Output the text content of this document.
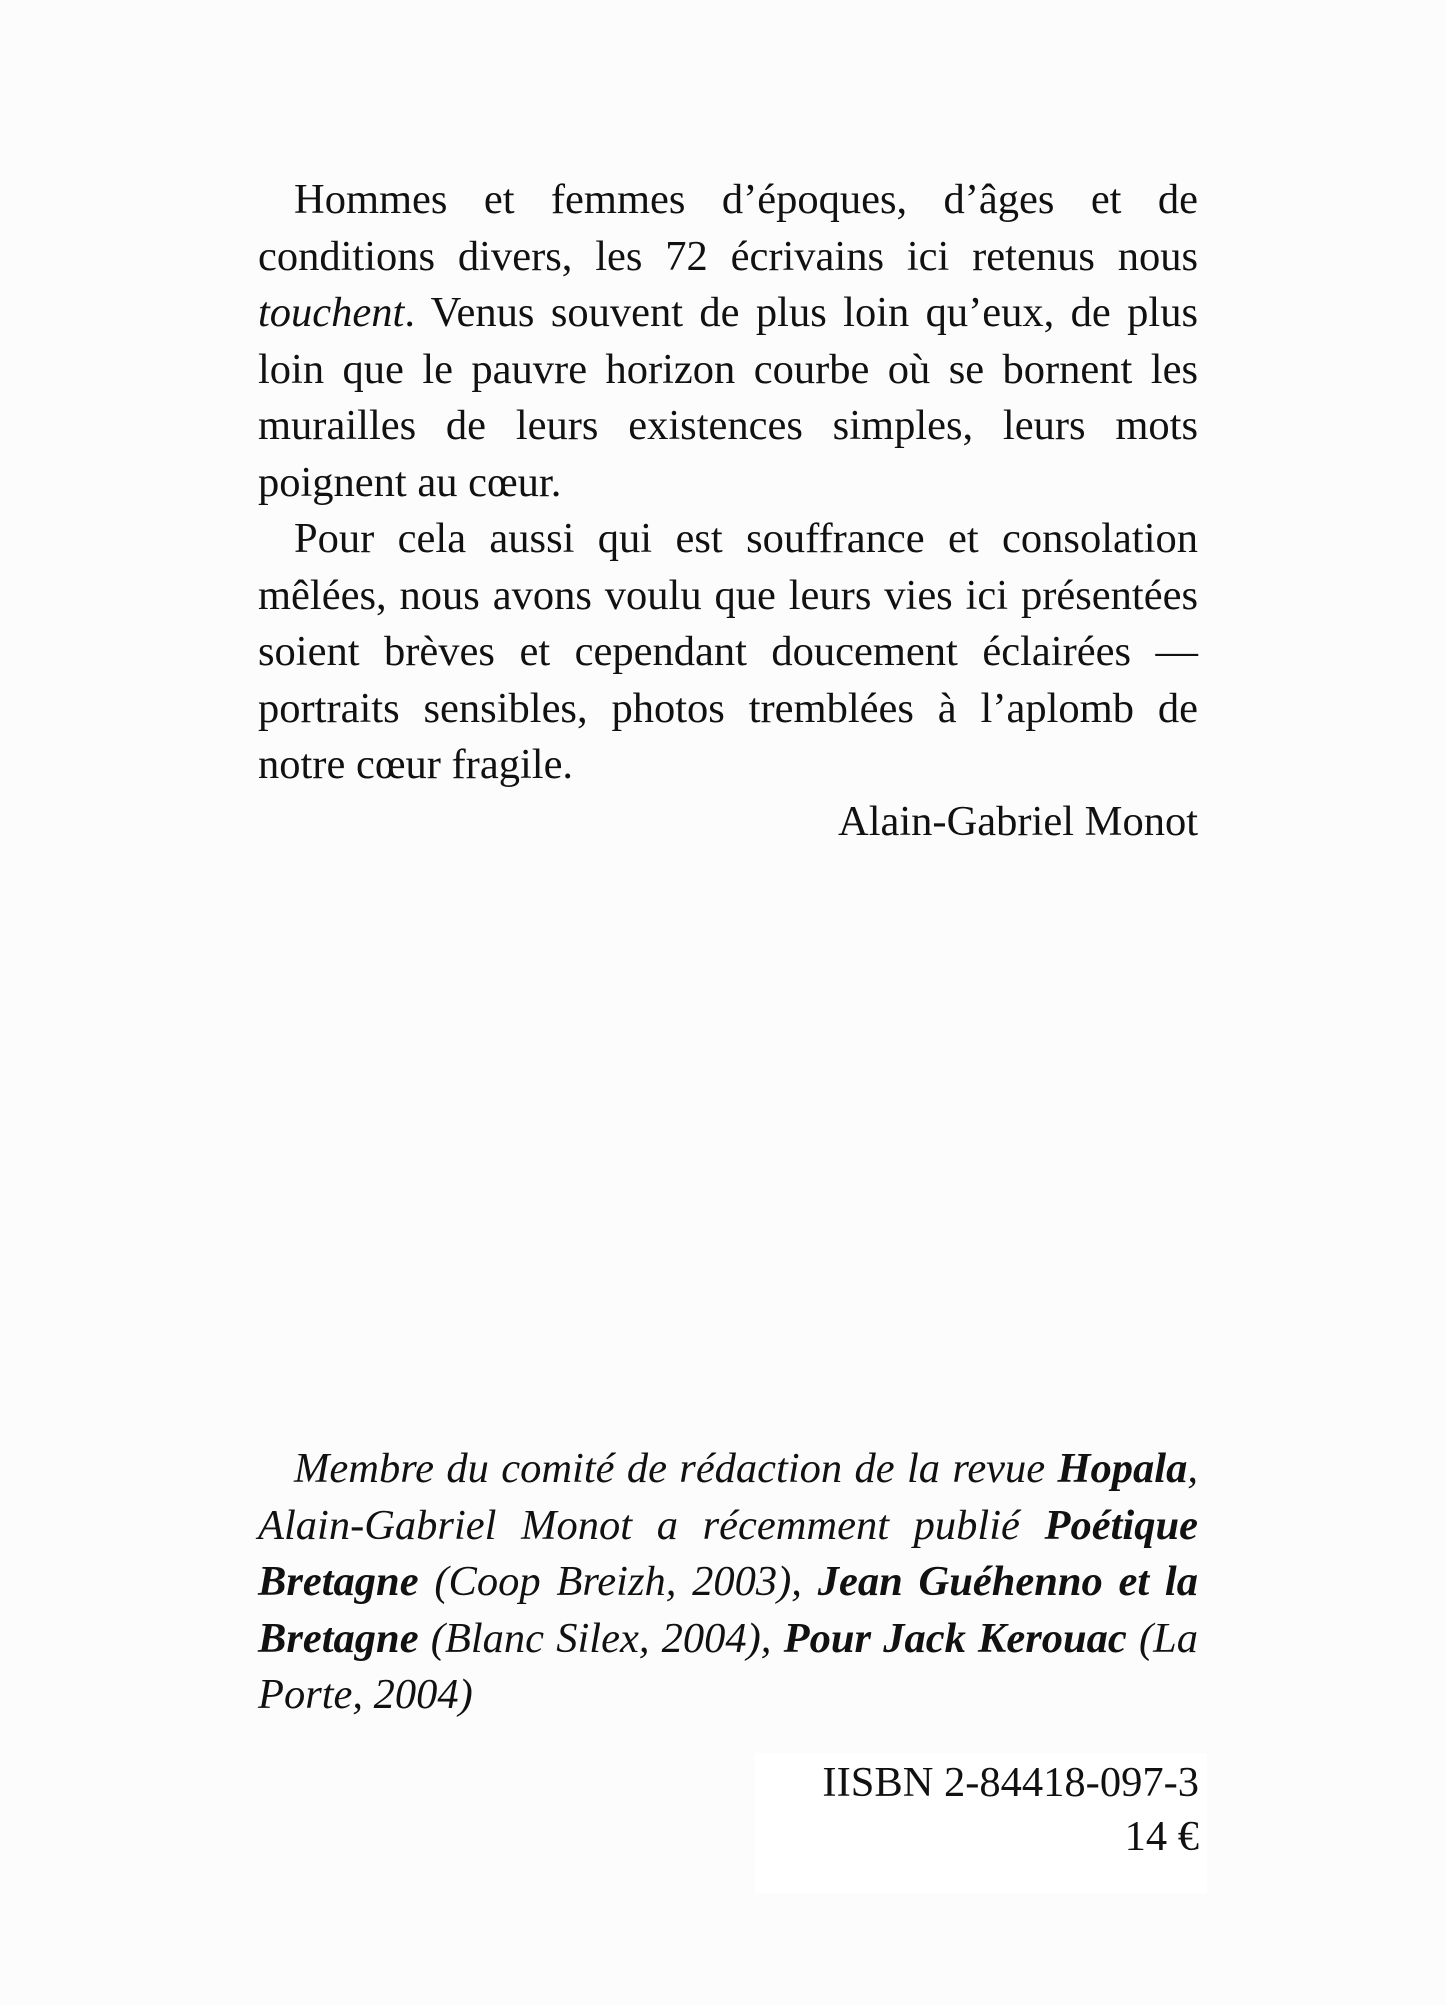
Hommes et femmes d’époques, d’âges et de conditions divers, les 72 écrivains ici retenus nous touchent. Venus souvent de plus loin qu’eux, de plus loin que le pauvre horizon courbe où se bornent les murailles de leurs existences simples, leurs mots poignent au cœur.

Pour cela aussi qui est souffrance et consolation mêlées, nous avons voulu que leurs vies ici présentées soient brèves et cependant doucement éclairées — portraits sensibles, photos tremblées à l’aplomb de notre cœur fragile.

Alain-Gabriel Monot

Membre du comité de rédaction de la revue Hopala, Alain-Gabriel Monot a récemment publié Poétique Bretagne (Coop Breizh, 2003), Jean Guéhenno et la Bretagne (Blanc Silex, 2004), Pour Jack Kerouac (La Porte, 2004)

IISBN 2-84418-097-3
14 €
